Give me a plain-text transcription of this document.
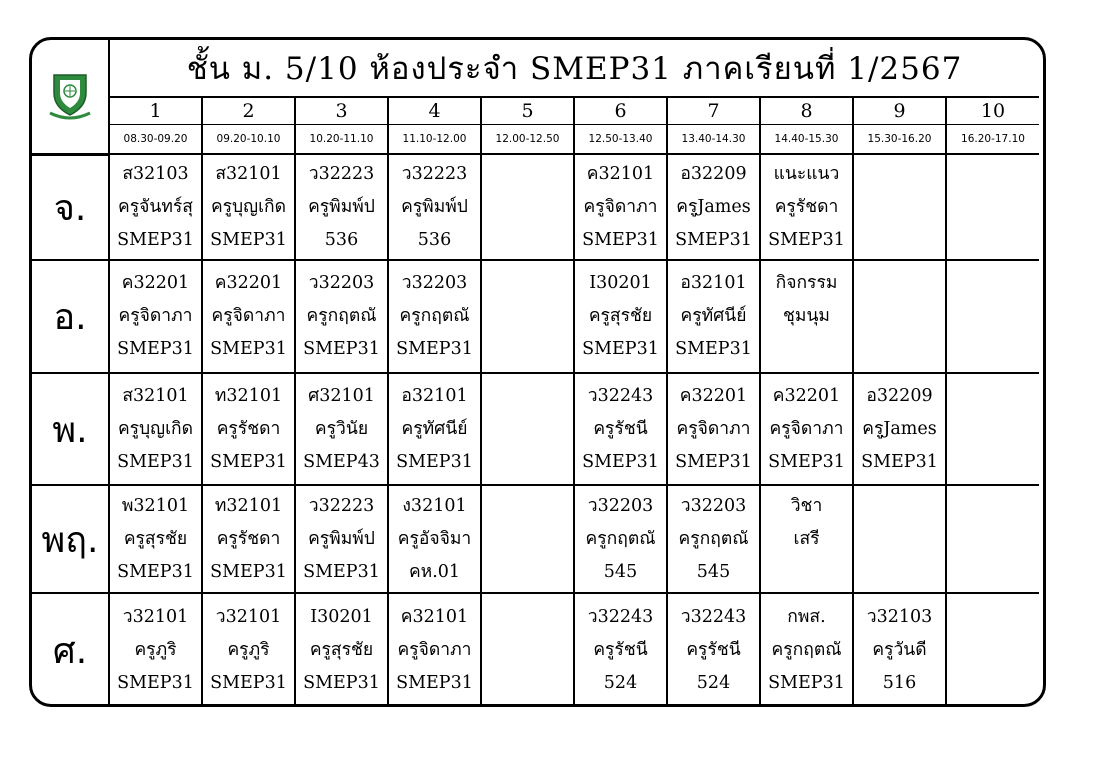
	ชั้น ม. 5/10 ห้องประจำ SMEP31 ภาคเรียนที่ 1/2567									
	1	2	3	4	5	6	7	8	9	10
	08.30-09.20	09.20-10.10	10.20-11.10	11.10-12.00	12.00-12.50	12.50-13.40	13.40-14.30	14.40-15.30	15.30-16.20	16.20-17.10
จ.	ส32103
ครูจันทร์สุ
SMEP31	ส32101
ครูบุญเกิด
SMEP31	ว32223
ครูพิมพ์ป
536	ว32223
ครูพิมพ์ป
536		ค32101
ครูจิดาภา
SMEP31	อ32209
ครูJames
SMEP31	แนะแนว
ครูรัชดา
SMEP31		

อ.	ค32201
ครูจิดาภา
SMEP31	ค32201
ครูจิดาภา
SMEP31	ว32203
ครูกฤตณั
SMEP31	ว32203
ครูกฤตณั
SMEP31		I30201
ครูสุรชัย
SMEP31	อ32101
ครูทัศนีย์
SMEP31	กิจกรรม
ชุมนุม		

พ.	ส32101
ครูบุญเกิด
SMEP31	ท32101
ครูรัชดา
SMEP31	ศ32101
ครูวินัย
SMEP43	อ32101
ครูทัศนีย์
SMEP31		ว32243
ครูรัชนี
SMEP31	ค32201
ครูจิดาภา
SMEP31	ค32201
ครูจิดาภา
SMEP31	อ32209
ครูJames
SMEP31	

พฤ.	พ32101
ครูสุรชัย
SMEP31	ท32101
ครูรัชดา
SMEP31	ว32223
ครูพิมพ์ป
SMEP31	ง32101
ครูอัจจิมา
คห.01		ว32203
ครูกฤตณั
545	ว32203
ครูกฤตณั
545	วิชา
เสรี		

ศ.	ว32101
ครูภูริ
SMEP31	ว32101
ครูภูริ
SMEP31	I30201
ครูสุรชัย
SMEP31	ค32101
ครูจิดาภา
SMEP31		ว32243
ครูรัชนี
524	ว32243
ครูรัชนี
524	กพส.
ครูกฤตณั
SMEP31	ว32103
ครูวันดี
516	
